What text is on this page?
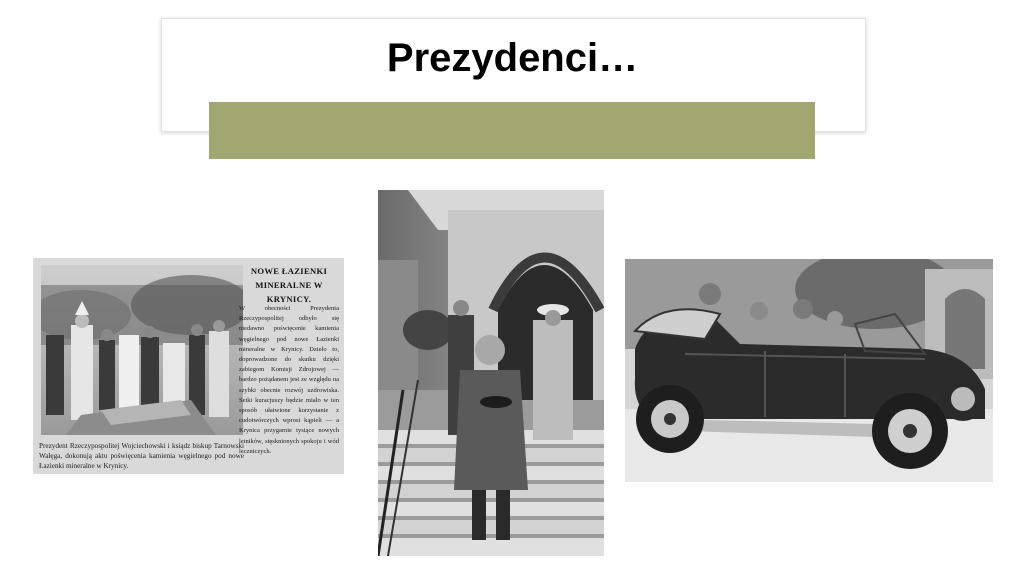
Prezydenci…
Prezydent Rzeczypospolitej Wojciechowski i ksiądz biskup Tarnowski Wałęga, dokonują aktu poświęcenia kamienia węgielnego pod nowe Łazienki mineralne w Krynicy.
NOWE ŁAZIENKI MINERALNE W KRYNICY.
W obecności Prezydenta Rzeczypospolitej odbyło się niedawno poświęcenie kamienia węgielnego pod nowe Łazienki mineralne w Krynicy. Dzieło to, doprowadzone do skutku dzięki zabiegom Komisji Zdrojowej — bardzo pożądanem jest ze względu na szybki obecnie rozwój uzdrowiska. Setki kuracjuszy będzie miało w ten sposób ułatwione korzystanie z cudotwórczych wprost kąpieli — a Krynica przygarnie tysiące nowych letników, stęsknionych spokoju i wód leczniczych.
